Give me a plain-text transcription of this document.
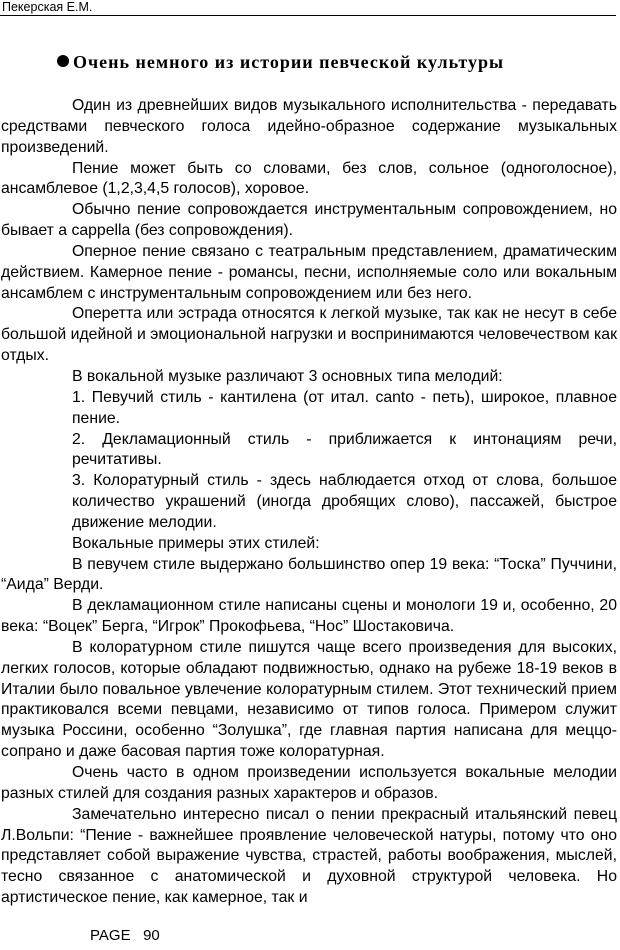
Пекерская Е.М.
Очень немного из истории певческой культуры

Один из древнейших видов музыкального исполнительства - передавать средствами певческого голоса идейно-образное содержание музыкальных произведений.

Пение может быть со словами, без слов, сольное (одноголосное), ансамблевое (1,2,3,4,5 голосов), хоровое.

Обычно пение сопровождается инструментальным сопровождением, но бывает а cappella (без сопровождения).

Оперное пение связано с театральным представлением, драматическим действием. Камерное пение - романсы, песни, исполняемые соло или вокальным ансамблем с инструментальным сопровождением или без него.

Оперетта или эстрада относятся к легкой музыке, так как не несут в себе большой идейной и эмоциональной нагрузки и воспринимаются человечеством как отдых.

В вокальной музыке различают 3 основных типа мелодий:

1. Певучий стиль - кантилена (от итал. canto - петь), широкое, плавное пение.

2. Декламационный стиль - приближается к интонациям речи, речитативы.

3. Колоратурный стиль - здесь наблюдается отход от слова, большое количество украшений (иногда дробящих слово), пассажей, быстрое движение мелодии.

Вокальные примеры этих стилей:

В певучем стиле выдержано большинство опер 19 века: “Тоска” Пуччини, “Аида” Верди.

В декламационном стиле написаны сцены и монологи 19 и, особенно, 20 века: “Воцек” Берга, “Игрок” Прокофьева, “Нос” Шостаковича.

В колоратурном стиле пишутся чаще всего произведения для высоких, легких голосов, которые обладают подвижностью, однако на рубеже 18-19 веков в Италии было повальное увлечение колоратурным стилем. Этот технический прием практиковался всеми певцами, независимо от типов голоса. Примером служит музыка Россини, особенно “Золушка”, где главная партия написана для меццо-сопрано и даже басовая партия тоже колоратурная.

Очень часто в одном произведении используется вокальные мелодии разных стилей для создания разных характеров и образов.

Замечательно интересно писал о пении прекрасный итальянский певец Л.Вольпи: “Пение - важнейшее проявление человеческой натуры, потому что оно представляет собой выражение чувства, страстей, работы воображения, мыслей, тесно связанное с анатомической и духовной структурой человека. Но артистическое пение, как камерное, так и

PAGE 90
